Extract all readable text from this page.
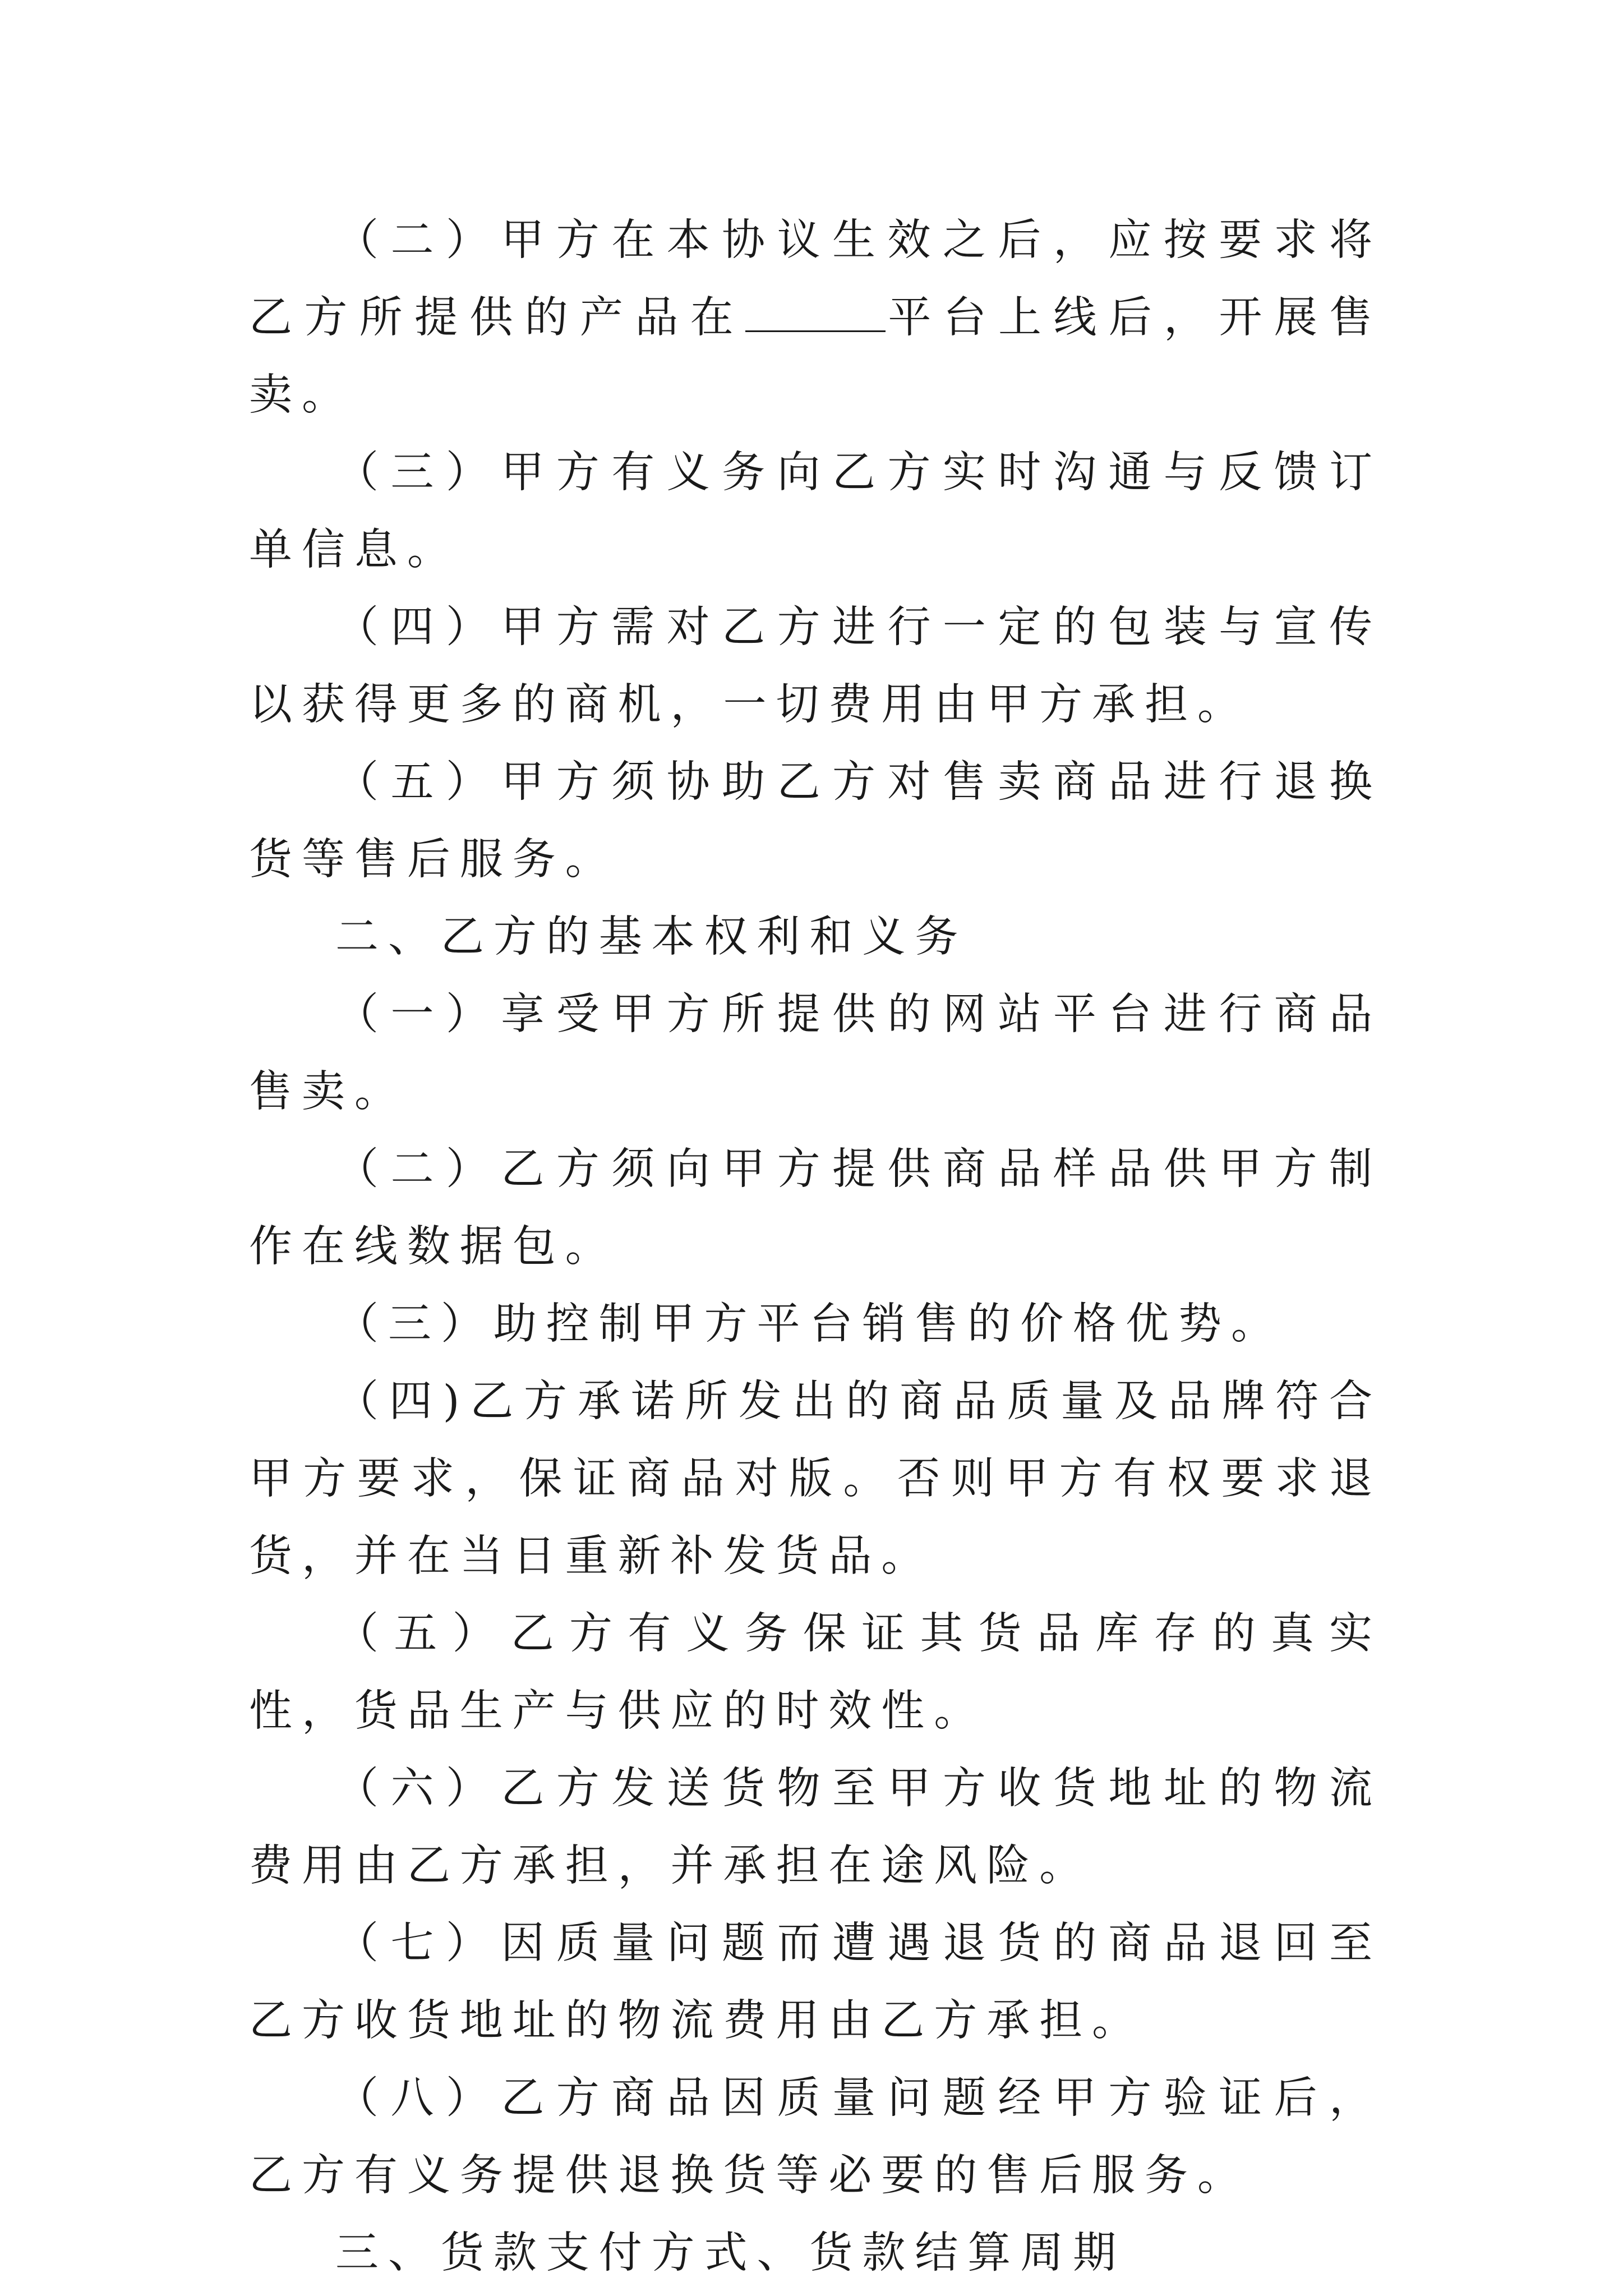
（二）甲方在本协议生效之后，应按要求将乙方所提供的产品在	平台上线后，开展售卖。

（三）甲方有义务向乙方实时沟通与反馈订单信息。

（四）甲方需对乙方进行一定的包装与宣传以获得更多的商机，一切费用由甲方承担。

（五）甲方须协助乙方对售卖商品进行退换货等售后服务。

二、乙方的基本权利和义务

（一）享受甲方所提供的网站平台进行商品售卖。

（二）乙方须向甲方提供商品样品供甲方制作在线数据包。

（三）助控制甲方平台销售的价格优势。

（四)乙方承诺所发出的商品质量及品牌符合甲方要求，保证商品对版。否则甲方有权要求退货，并在当日重新补发货品。

（五）乙方有义务保证其货品库存的真实性，货品生产与供应的时效性。

（六）乙方发送货物至甲方收货地址的物流费用由乙方承担，并承担在途风险。

（七）因质量问题而遭遇退货的商品退回至乙方收货地址的物流费用由乙方承担。

（八）乙方商品因质量问题经甲方验证后，乙方有义务提供退换货等必要的售后服务。

三、货款支付方式、货款结算周期
